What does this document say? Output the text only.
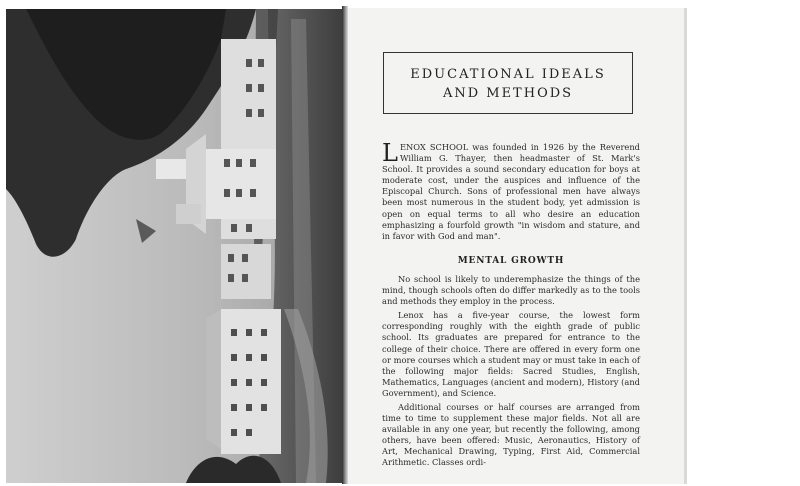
EDUCATIONAL IDEALS
AND METHODS

LENOX SCHOOL was founded in 1926 by the Reverend William G. Thayer, then headmaster of St. Mark's School. It provides a sound secondary education for boys at moderate cost, under the auspices and influence of the Episcopal Church. Sons of professional men have always been most numerous in the student body, yet admission is open on equal terms to all who desire an education emphasizing a fourfold growth "in wisdom and stature, and in favor with God and man".

MENTAL GROWTH

No school is likely to underemphasize the things of the mind, though schools often do differ markedly as to the tools and methods they employ in the process.

Lenox has a five-year course, the lowest form corresponding roughly with the eighth grade of public school. Its graduates are prepared for entrance to the college of their choice. There are offered in every form one or more courses which a student may or must take in each of the following major fields: Sacred Studies, English, Mathematics, Languages (ancient and modern), History (and Government), and Science.

Additional courses or half courses are arranged from time to time to supplement these major fields. Not all are available in any one year, but recently the following, among others, have been offered: Music, Aeronautics, History of Art, Mechanical Drawing, Typing, First Aid, Commercial Arithmetic. Classes ordi-
